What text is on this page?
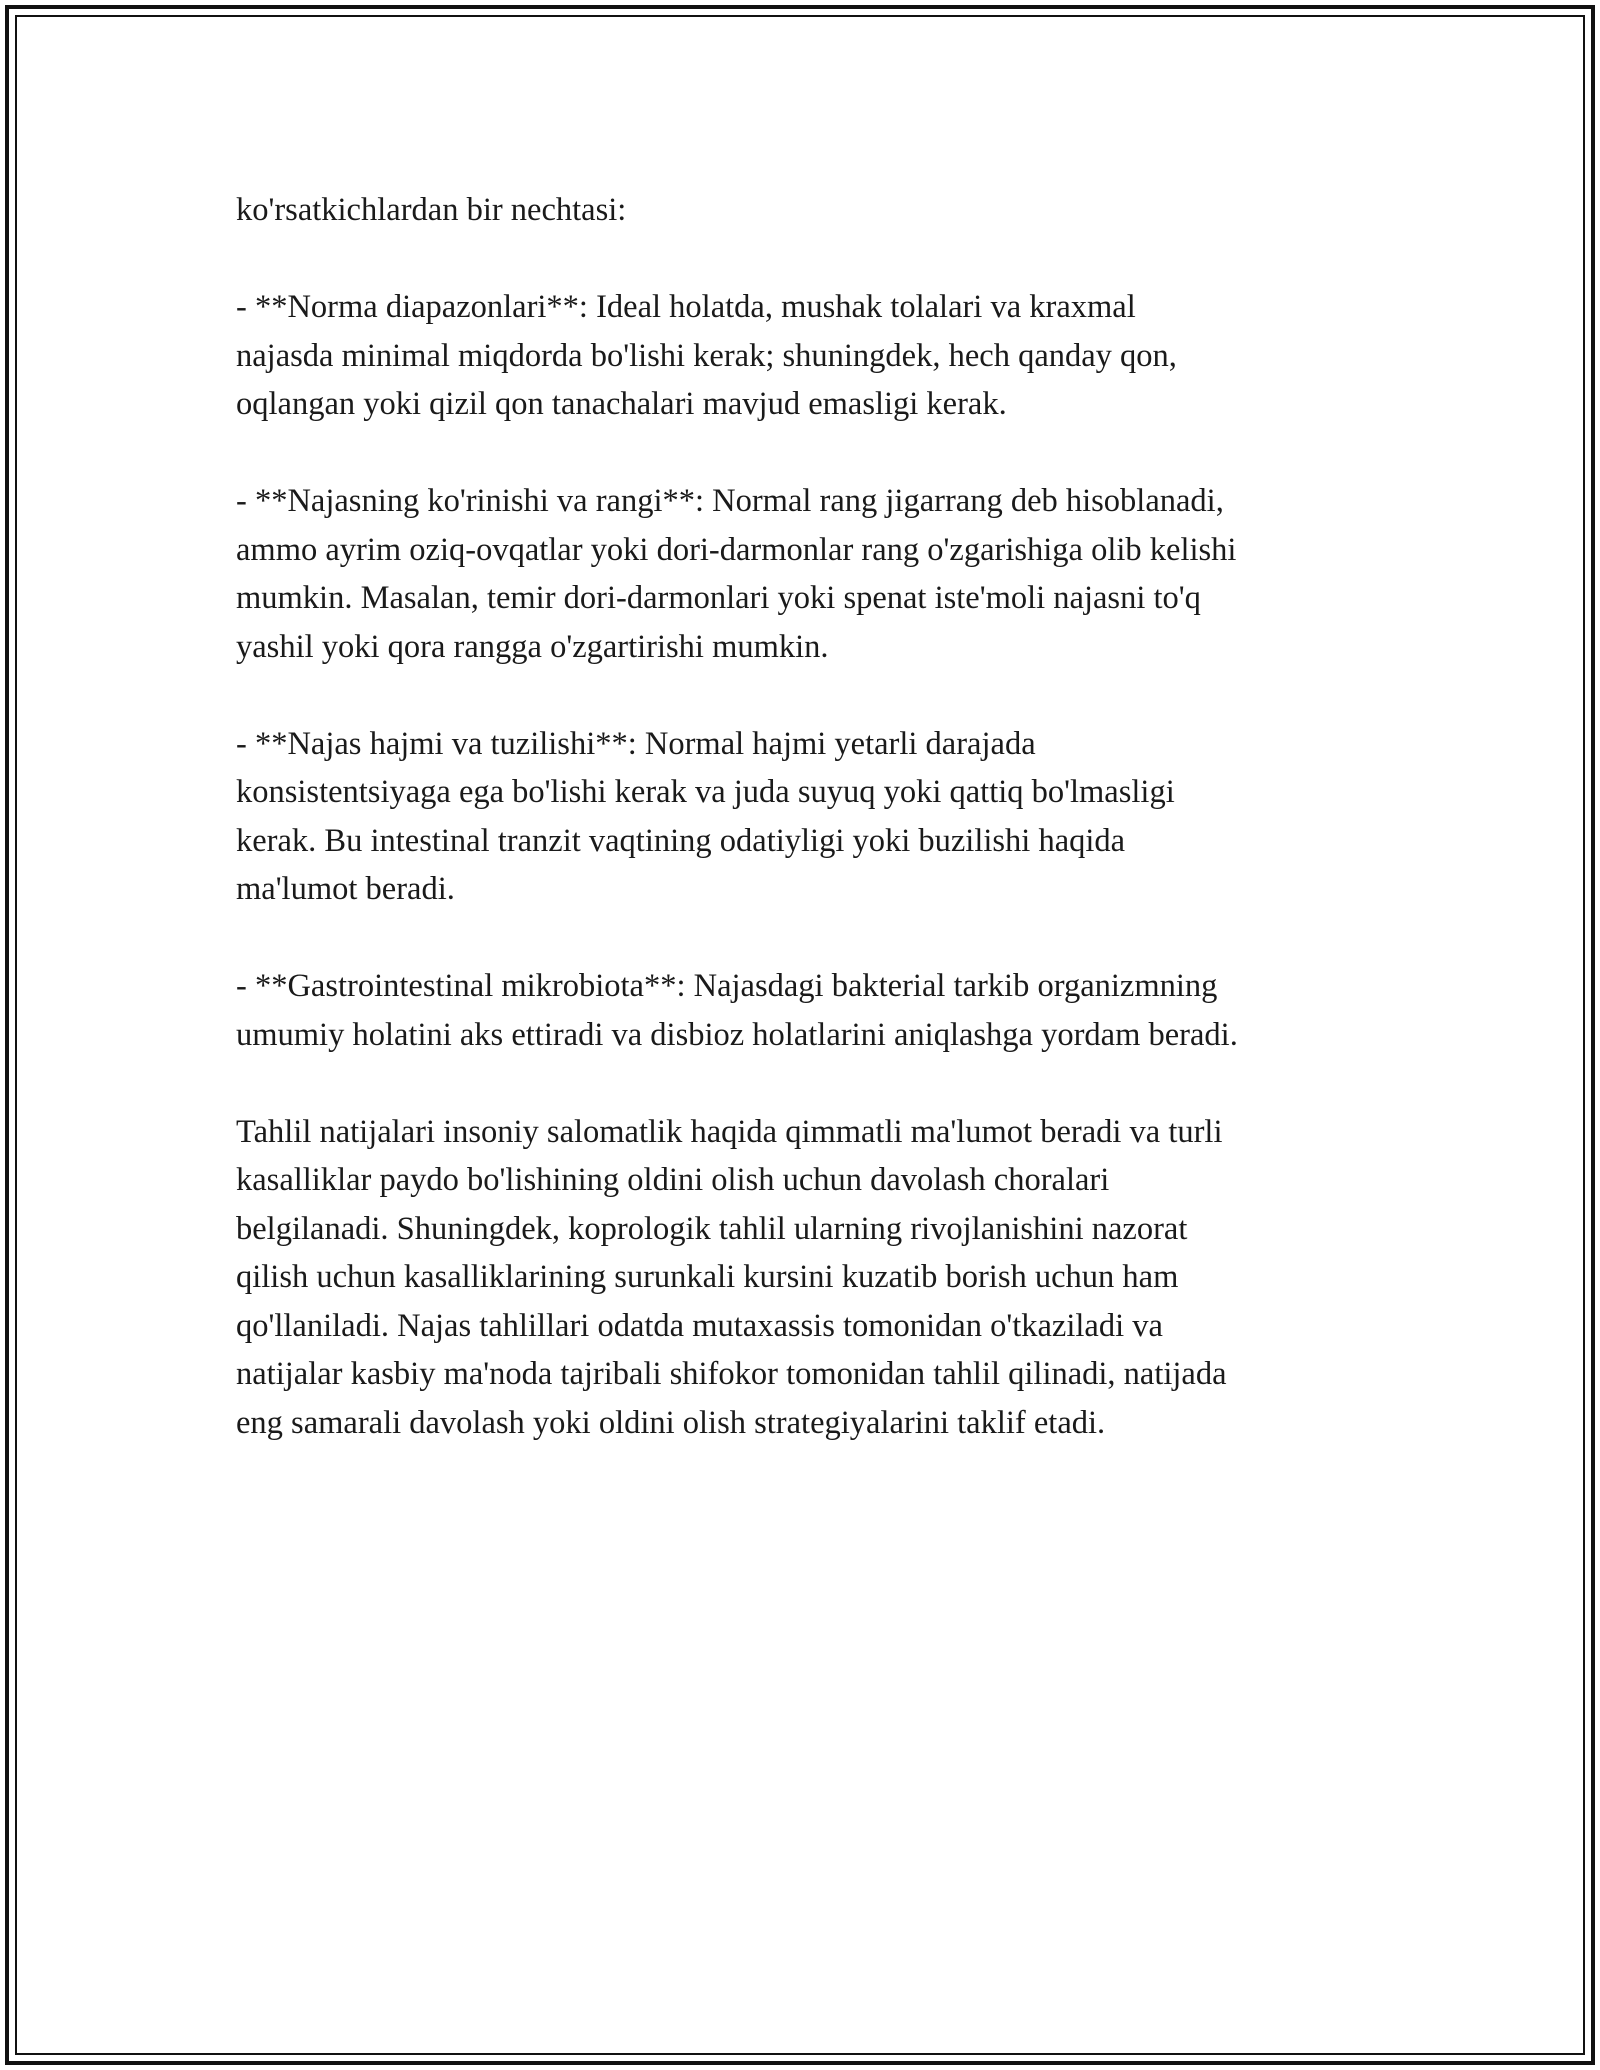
ko'rsatkichlardan bir nechtasi:

- **Norma diapazonlari**: Ideal holatda, mushak tolalari va kraxmal
najasda minimal miqdorda bo'lishi kerak; shuningdek, hech qanday qon,
oqlangan yoki qizil qon tanachalari mavjud emasligi kerak.

- **Najasning ko'rinishi va rangi**: Normal rang jigarrang deb hisoblanadi,
ammo ayrim oziq-ovqatlar yoki dori-darmonlar rang o'zgarishiga olib kelishi
mumkin. Masalan, temir dori-darmonlari yoki spenat iste'moli najasni to'q
yashil yoki qora rangga o'zgartirishi mumkin.

- **Najas hajmi va tuzilishi**: Normal hajmi yetarli darajada
konsistentsiyaga ega bo'lishi kerak va juda suyuq yoki qattiq bo'lmasligi
kerak. Bu intestinal tranzit vaqtining odatiyligi yoki buzilishi haqida
ma'lumot beradi.

- **Gastrointestinal mikrobiota**: Najasdagi bakterial tarkib organizmning
umumiy holatini aks ettiradi va disbioz holatlarini aniqlashga yordam beradi.

Tahlil natijalari insoniy salomatlik haqida qimmatli ma'lumot beradi va turli
kasalliklar paydo bo'lishining oldini olish uchun davolash choralari
belgilanadi. Shuningdek, koprologik tahlil ularning rivojlanishini nazorat
qilish uchun kasalliklarining surunkali kursini kuzatib borish uchun ham
qo'llaniladi. Najas tahlillari odatda mutaxassis tomonidan o'tkaziladi va
natijalar kasbiy ma'noda tajribali shifokor tomonidan tahlil qilinadi, natijada
eng samarali davolash yoki oldini olish strategiyalarini taklif etadi.
